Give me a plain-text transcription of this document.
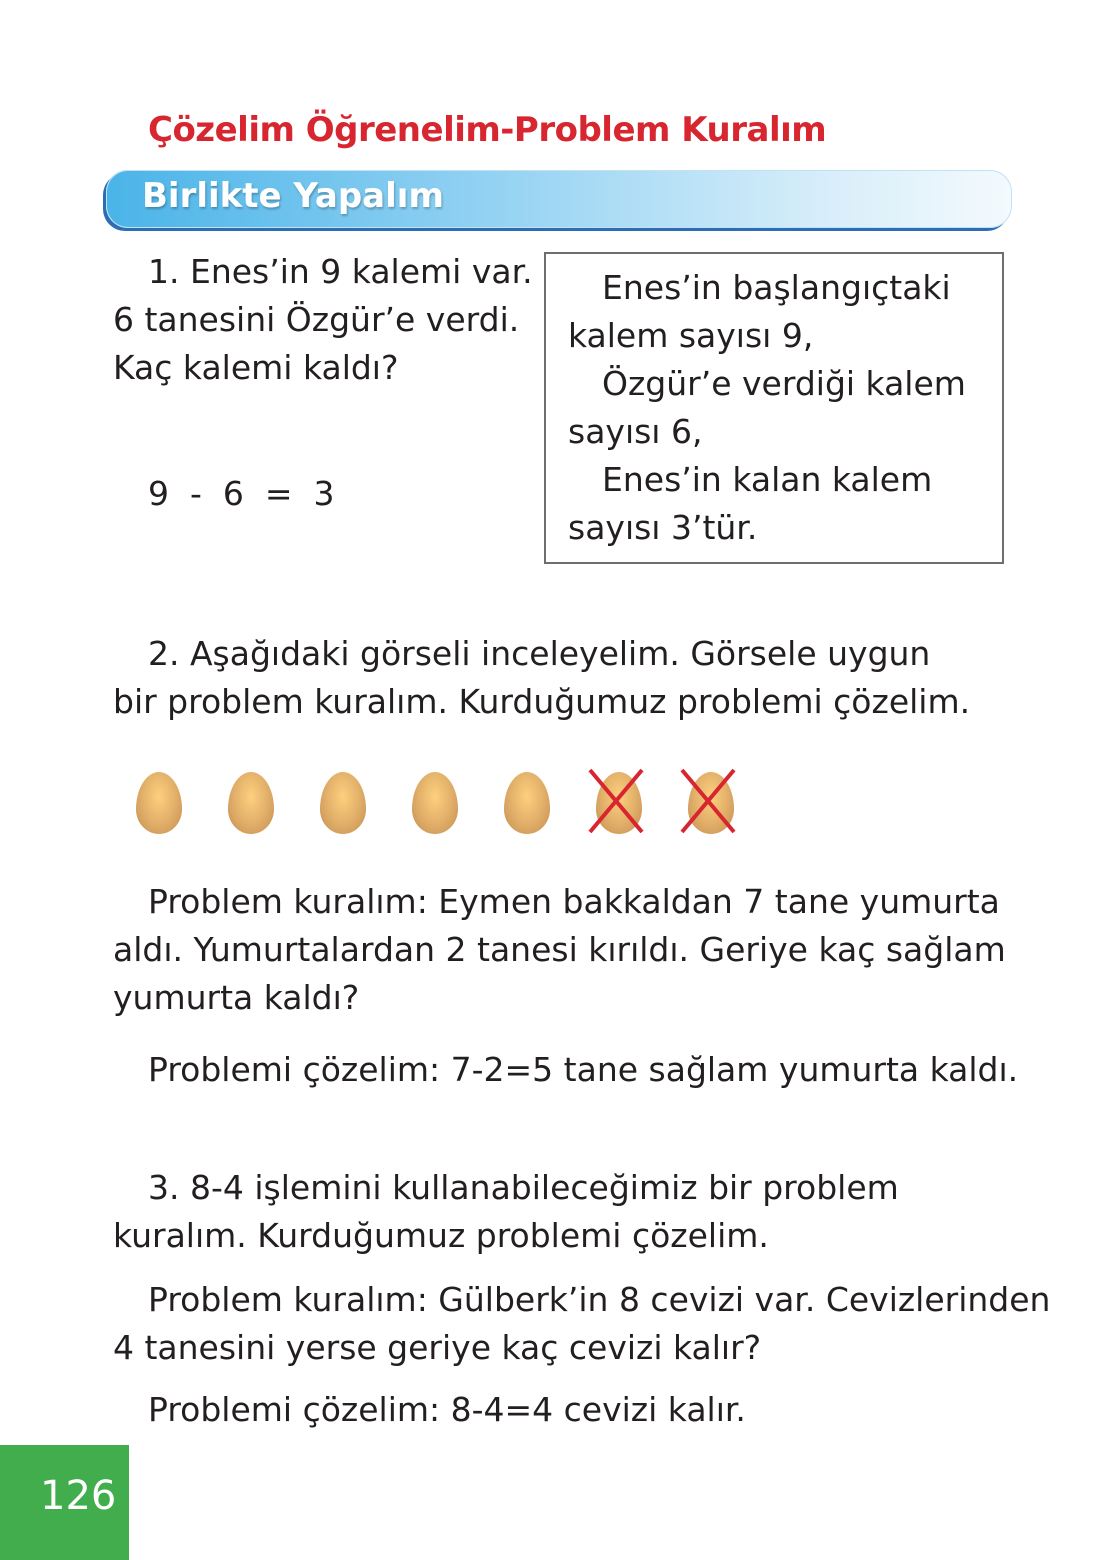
Çözelim Öğrenelim-Problem Kuralım
Birlikte Yapalım
1. Enes’in 9 kalemi var.
6 tanesini Özgür’e verdi.
Kaç kalemi kaldı?
9  -  6  =  3
Enes’in başlangıçtaki
kalem sayısı 9,
Özgür’e verdiği kalem
sayısı 6,
Enes’in kalan kalem
sayısı 3’tür.
2. Aşağıdaki görseli inceleyelim. Görsele uygun
bir problem kuralım. Kurduğumuz problemi çözelim.
Problem kuralım: Eymen bakkaldan 7 tane yumurta
aldı. Yumurtalardan 2 tanesi kırıldı. Geriye kaç sağlam
yumurta kaldı?
Problemi çözelim: 7-2=5 tane sağlam yumurta kaldı.
3. 8-4 işlemini kullanabileceğimiz bir problem
kuralım. Kurduğumuz problemi çözelim.
Problem kuralım: Gülberk’in 8 cevizi var. Cevizlerinden
4 tanesini yerse geriye kaç cevizi kalır?
Problemi çözelim: 8-4=4 cevizi kalır.
126
